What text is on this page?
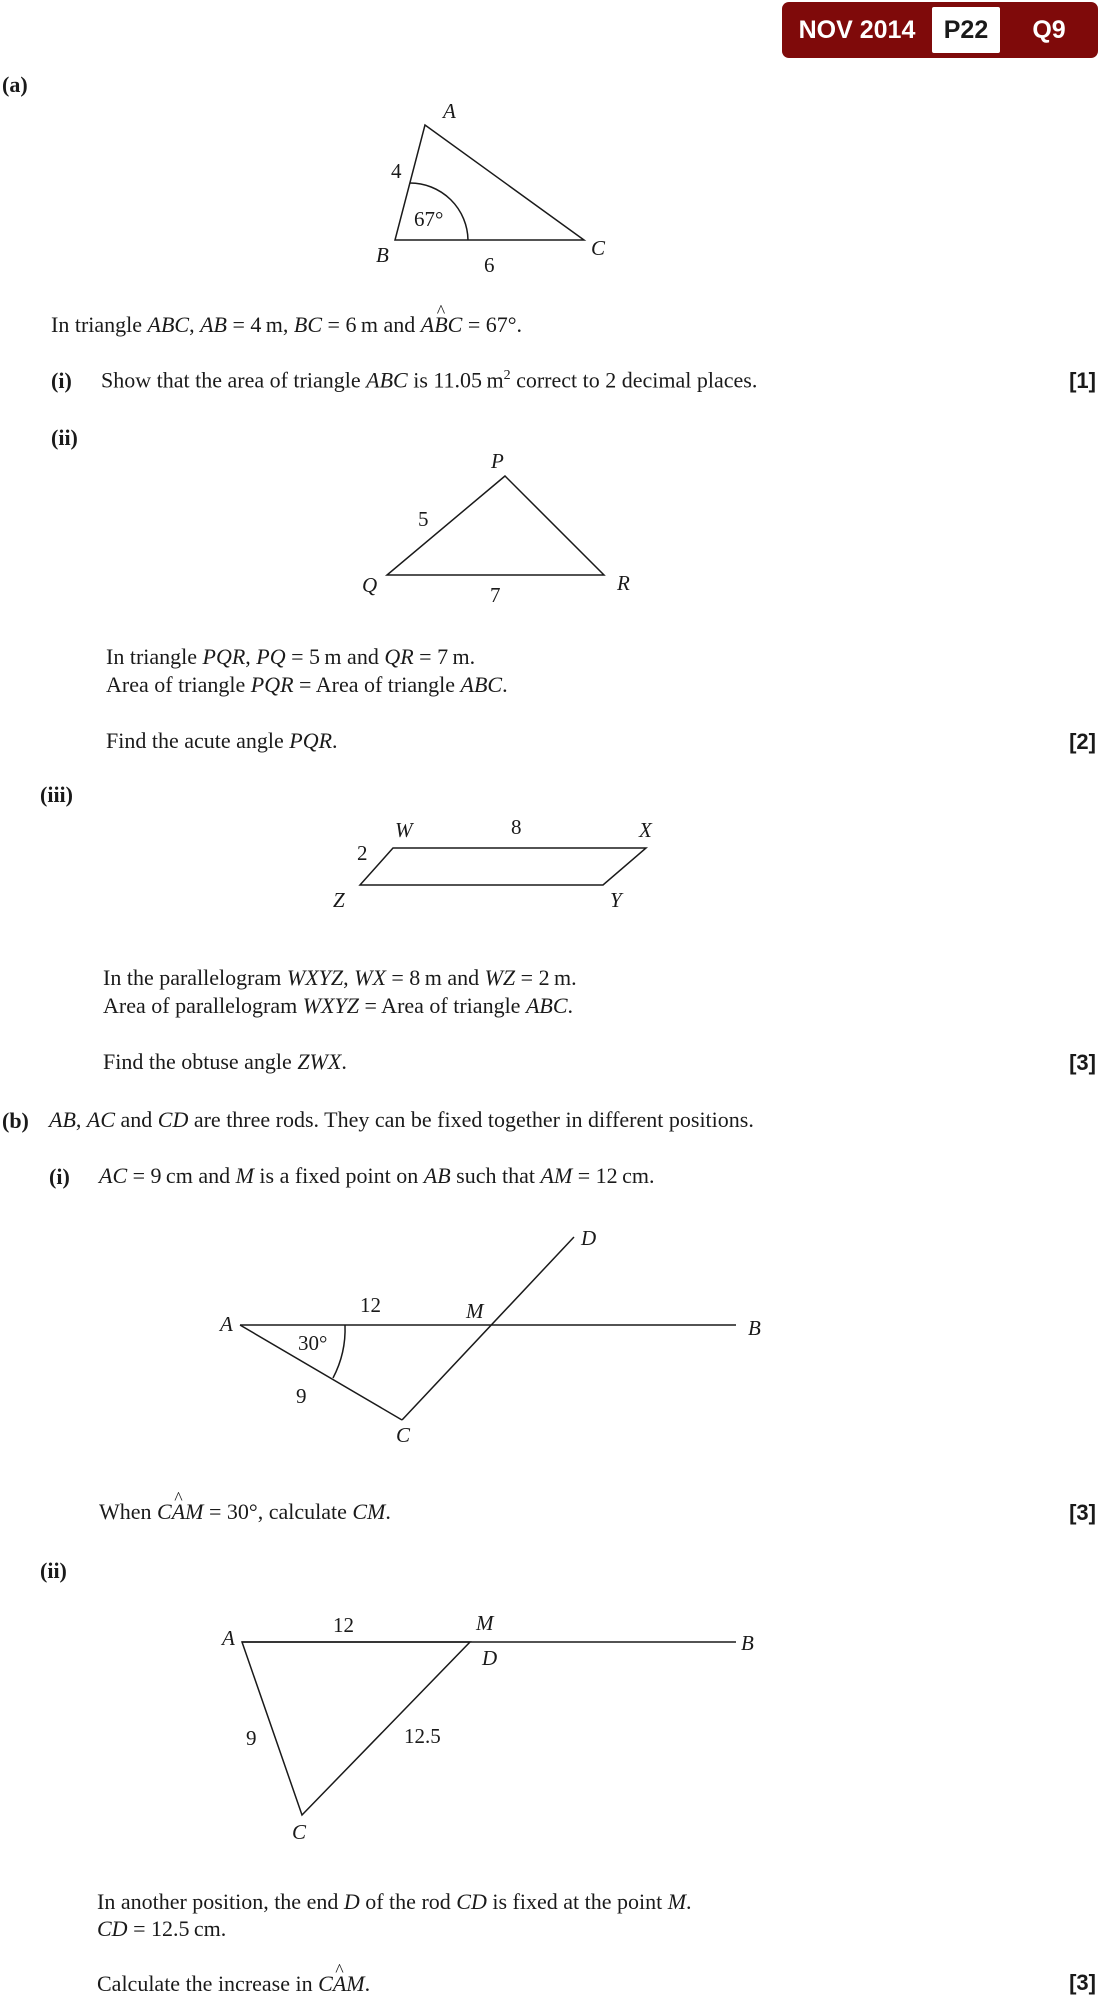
NOV 2014	P22	Q9
(a)
A
B	C
4
6
67°
P
Q	R
5
7
W	X
Y
Z
8
2
A	B
C
D
M
12
9
30°
A	B
C
D
M
12
9	12.5
In triangle ABC, AB = 4 m, BC = 6 m and A^ BC = 67°.
(i) Show that the area of triangle ABC is 11.05 $m^2$ correct to 2 decimal places.	[1]
(ii)
In triangle PQR, PQ = 5 m and QR = 7 m.
Area of triangle PQR = Area of triangle ABC.
Find the acute angle PQR.	[2]
(iii)
In the parallelogram WXYZ, WX = 8 m and WZ = 2 m.
Area of parallelogram WXYZ = Area of triangle ABC.
Find the obtuse angle ZWX.	[3]
(b) AB, AC and CD are three rods. They can be fixed together in different positions.
(i) AC = 9 cm and M is a fixed point on AB such that AM = 12 cm.
When C^ AM = 30°, calculate CM.	[3]
(ii)
In another position, the end D of the rod CD is fixed at the point M.
CD = 12.5 cm.
Calculate the increase in C^ AM.	[3]
